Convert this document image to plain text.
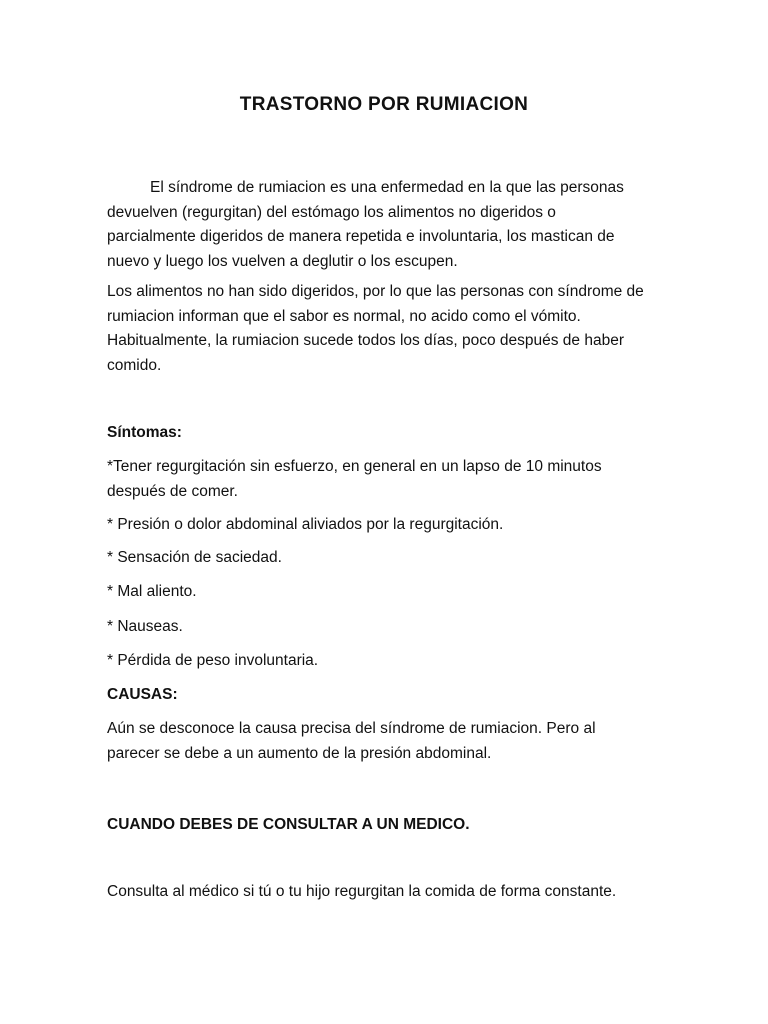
TRASTORNO POR RUMIACION
El síndrome de rumiacion es una enfermedad en la que las personas
devuelven (regurgitan) del estómago los alimentos no digeridos o
parcialmente digeridos de manera repetida e involuntaria, los mastican de
nuevo y luego los vuelven a deglutir o los escupen.
Los alimentos no han sido digeridos, por lo que las personas con síndrome de
rumiacion informan que el sabor es normal, no acido como el vómito.
Habitualmente, la rumiacion sucede todos los días, poco después de haber
comido.
Síntomas:
*Tener regurgitación sin esfuerzo, en general en un lapso de 10 minutos
después de comer.
* Presión o dolor abdominal aliviados por la regurgitación.
* Sensación de saciedad.
* Mal aliento.
* Nauseas.
* Pérdida de peso involuntaria.
CAUSAS:
Aún se desconoce la causa precisa del síndrome de rumiacion. Pero al
parecer se debe a un aumento de la presión abdominal.
CUANDO DEBES DE CONSULTAR A UN MEDICO.
Consulta al médico si tú o tu hijo regurgitan la comida de forma constante.
